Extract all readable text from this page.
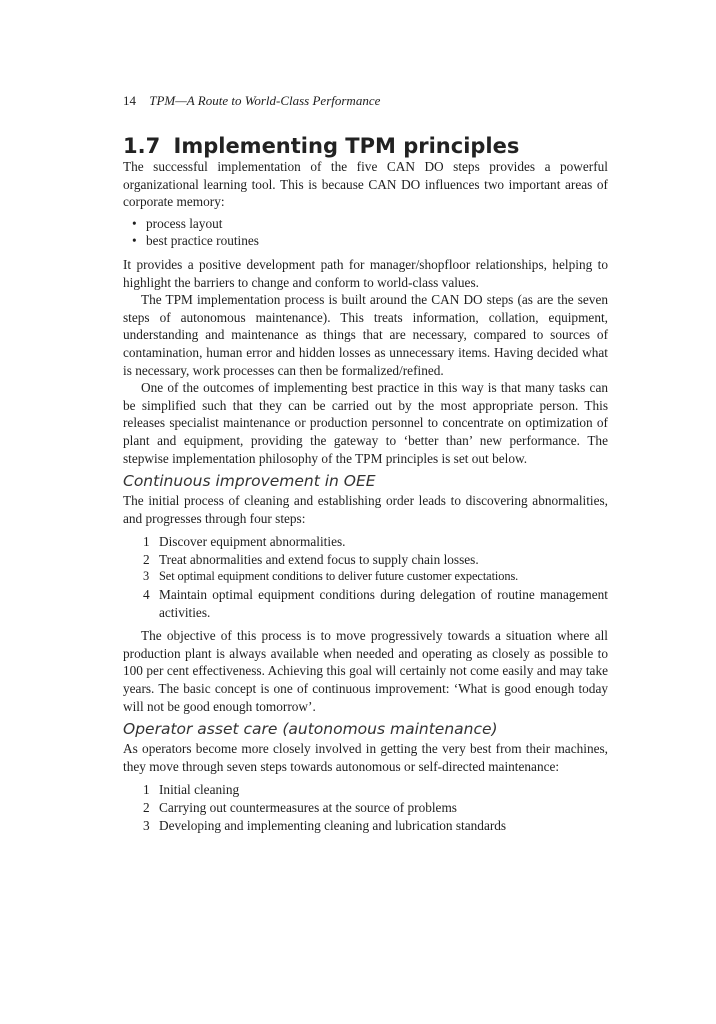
14 TPM—A Route to World-Class Performance
1.7 Implementing TPM principles

The successful implementation of the five CAN DO steps provides a powerful organizational learning tool. This is because CAN DO influences two important areas of corporate memory:

• process layout
• best practice routines

It provides a positive development path for manager/shopfloor relationships, helping to highlight the barriers to change and conform to world-class values.

The TPM implementation process is built around the CAN DO steps (as are the seven steps of autonomous maintenance). This treats information, collation, equipment, understanding and maintenance as things that are necessary, compared to sources of contamination, human error and hidden losses as unnecessary items. Having decided what is necessary, work processes can then be formalized/refined.

One of the outcomes of implementing best practice in this way is that many tasks can be simplified such that they can be carried out by the most appropriate person. This releases specialist maintenance or production personnel to concentrate on optimization of plant and equipment, providing the gateway to ‘better than’ new performance. The stepwise implementation philosophy of the TPM principles is set out below.

Continuous improvement in OEE

The initial process of cleaning and establishing order leads to discovering abnormalities, and progresses through four steps:

1 Discover equipment abnormalities.
2 Treat abnormalities and extend focus to supply chain losses.
3 Set optimal equipment conditions to deliver future customer expectations.
4 Maintain optimal equipment conditions during delegation of routine management activities.

The objective of this process is to move progressively towards a situation where all production plant is always available when needed and operating as closely as possible to 100 per cent effectiveness. Achieving this goal will certainly not come easily and may take years. The basic concept is one of continuous improvement: ‘What is good enough today will not be good enough tomorrow’.

Operator asset care (autonomous maintenance)

As operators become more closely involved in getting the very best from their machines, they move through seven steps towards autonomous or self-directed maintenance:

1 Initial cleaning
2 Carrying out countermeasures at the source of problems
3 Developing and implementing cleaning and lubrication standards
